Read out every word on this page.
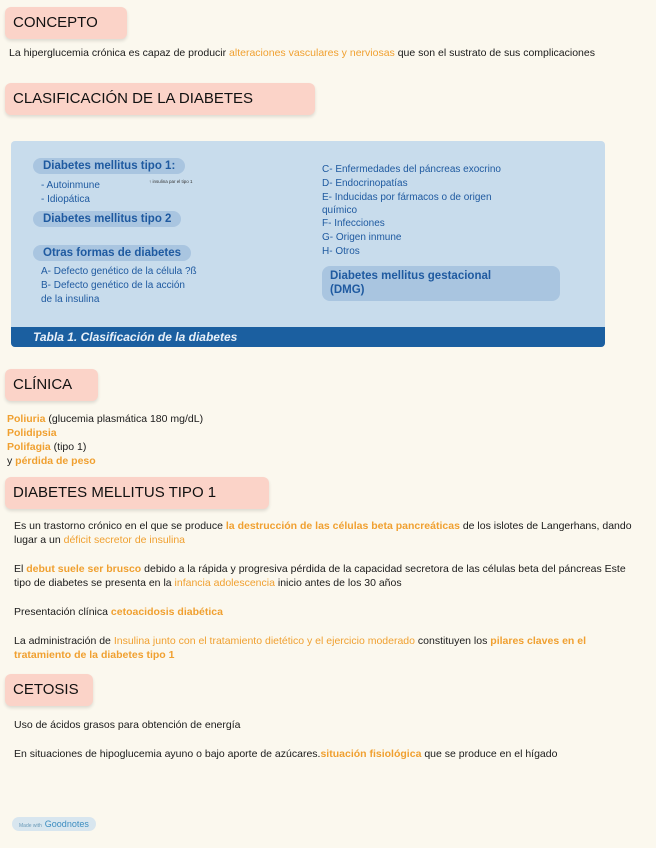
CONCEPTO
La hiperglucemia crónica es capaz de producir alteraciones vasculares y nerviosas que son el sustrato de sus complicaciones
CLASIFICACIÓN DE LA DIABETES
Diabetes mellitus tipo 1:
- Autoinmune	↑ insulina par el tipo 1
- Idiopática
Diabetes mellitus tipo 2
Otras formas de diabetes
A- Defecto genético de la célula ?ß
B- Defecto genético de la acción
de la insulina
C- Enfermedades del páncreas exocrino
D- Endocrinopatías
E- Inducidas por fármacos o de origen
químico
F- Infecciones
G- Origen inmune
H- Otros
Diabetes mellitus gestacional
(DMG)
Tabla 1. Clasificación de la diabetes
CLÍNICA
Poliuria (glucemia plasmática 180 mg/dL)
Polidipsia
Polifagia (tipo 1)
y pérdida de peso
DIABETES MELLITUS TIPO 1

Es un trastorno crónico en el que se produce la destrucción de las células beta pancreáticas de los islotes de Langerhans, dando lugar a un déficit secretor de insulina

El debut suele ser brusco debido a la rápida y progresiva pérdida de la capacidad secretora de las células beta del páncreas Este tipo de diabetes se presenta en la infancia adolescencia inicio antes de los 30 años

Presentación clínica cetoacidosis diabética

La administración de Insulina junto con el tratamiento dietético y el ejercicio moderado constituyen los pilares claves en el tratamiento de la diabetes tipo 1

CETOSIS

Uso de ácidos grasos para obtención de energía

En situaciones de hipoglucemia ayuno o bajo aporte de azúcares.situación fisiológica que se produce en el hígado

Made with Goodnotes
